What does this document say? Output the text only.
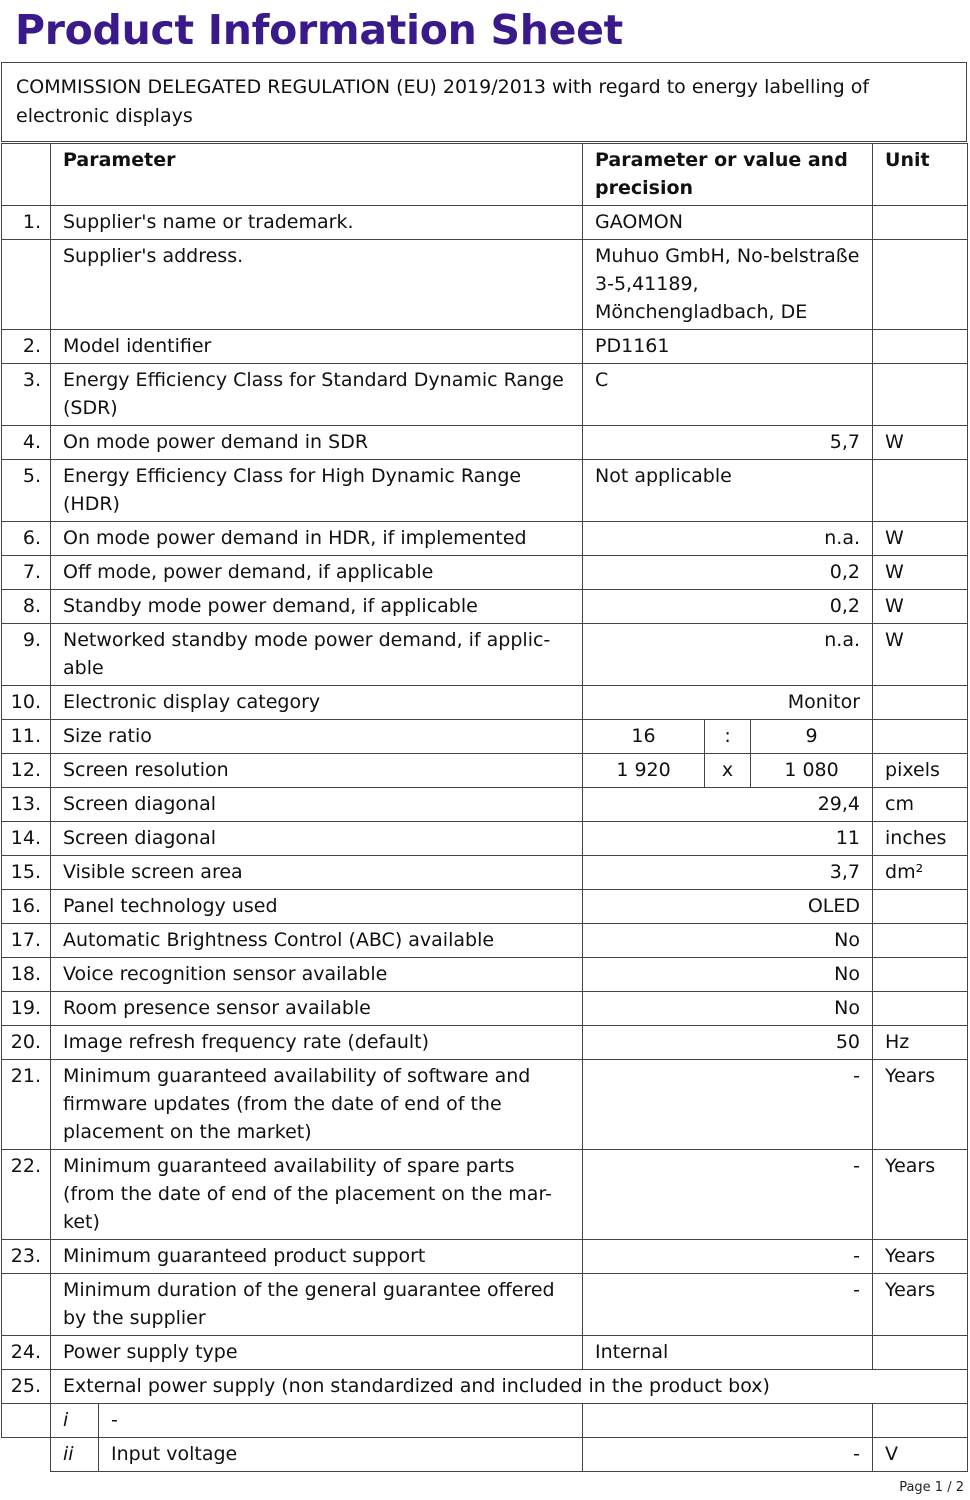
Product Information Sheet
COMMISSION DELEGATED REGULATION (EU) 2019/2013 with regard to energy labelling of electronic displays
	Parameter		Parameter or value and precision			Unit
1.	Supplier's name or trademark.		GAOMON			
	Supplier's address.		Muhuo GmbH, No-belstraße 3-5,41189, Mönchengladbach, DE			
2.	Model identifier		PD1161			
3.	Energy Efficiency Class for Standard Dynamic Range (SDR)		C			
4.	On mode power demand in SDR		5,7			W
5.	Energy Efficiency Class for High Dynamic Range (HDR)		Not applicable			
6.	On mode power demand in HDR, if implemented		n.a.			W
7.	Off mode, power demand, if applicable		0,2			W
8.	Standby mode power demand, if applicable		0,2			W
9.	Networked standby mode power demand, if applic-able		n.a.			W
10.	Electronic display category		Monitor			
11.	Size ratio		16	:	9	
12.	Screen resolution		1 920	x	1 080	pixels
13.	Screen diagonal		29,4			cm
14.	Screen diagonal		11			inches
15.	Visible screen area		3,7			dm²
16.	Panel technology used		OLED			
17.	Automatic Brightness Control (ABC) available		No			
18.	Voice recognition sensor available		No			
19.	Room presence sensor available		No			
20.	Image refresh frequency rate (default)		50			Hz
21.	Minimum guaranteed availability of software and firmware updates (from the date of end of the placement on the market)		-			Years
22.	Minimum guaranteed availability of spare parts (from the date of end of the placement on the mar-ket)		-			Years
23.	Minimum guaranteed product support		-			Years
	Minimum duration of the general guarantee offered by the supplier		-			Years
24.	Power supply type		Internal			
25.	External power supply (non standardized and included in the product box)					
	i	-				
	ii	Input voltage	-			V
Page 1 / 2
